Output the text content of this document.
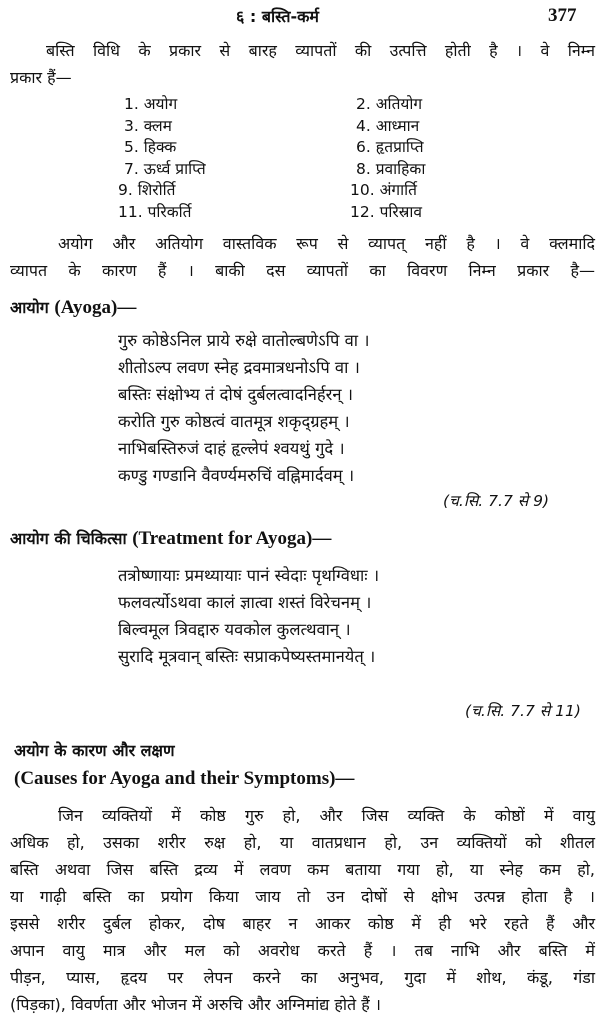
६ : बस्ति-कर्म	377
बस्ति विधि के प्रकार से बारह व्यापतों की उत्पत्ति होती है । वे निम्न
प्रकार हैं—
1. अयोग	2. अतियोग
3. क्लम	4. आध्मान
5. हिक्क	6. हृतप्राप्ति
7. ऊर्ध्व प्राप्ति	8. प्रवाहिका
9. शिरोर्ति	10. अंगार्ति
11. परिकर्ति	12. परिस्राव
अयोग और अतियोग वास्तविक रूप से व्यापत् नहीं है । वे क्लमादि
व्यापत के कारण हैं । बाकी दस व्यापतों का विवरण निम्न प्रकार है—
आयोग (Ayoga)—
गुरु कोष्ठेऽनिल प्राये रुक्षे वातोल्बणेऽपि वा ।
शीतोऽल्प लवण स्नेह द्रवमात्रधनोऽपि वा ।
बस्तिः संक्षोभ्य तं दोषं दुर्बलत्वादनिर्हरन् ।
करोति गुरु कोष्ठत्वं वातमूत्र शकृद्ग्रहम् ।
नाभिबस्तिरुजं दाहं हृल्लेपं श्वयथुं गुदे ।
कण्डु गण्डानि वैवर्ण्यमरुचिं वह्निमार्दवम् ।
(च.सि. 7.7 से 9)
आयोग की चिकित्सा (Treatment for Ayoga)—
तत्रोष्णायाः प्रमथ्यायाः पानं स्वेदाः पृथग्विधाः ।
फलवर्त्योऽथवा कालं ज्ञात्वा शस्तं विरेचनम् ।
बिल्वमूल त्रिवद्दारु यवकोल कुलत्थवान् ।
सुरादि मूत्रवान् बस्तिः सप्राकपेष्यस्तमानयेत् ।
(च.सि. 7.7 से 11)
अयोग के कारण और लक्षण
(Causes for Ayoga and their Symptoms)—
जिन व्यक्तियों में कोष्ठ गुरु हो, और जिस व्यक्ति के कोष्ठों में वायु
अधिक हो, उसका शरीर रुक्ष हो, या वातप्रधान हो, उन व्यक्तियों को शीतल
बस्ति अथवा जिस बस्ति द्रव्य में लवण कम बताया गया हो, या स्नेह कम हो,
या गाढ़ी बस्ति का प्रयोग किया जाय तो उन दोषों से क्षोभ उत्पन्न होता है ।
इससे शरीर दुर्बल होकर, दोष बाहर न आकर कोष्ठ में ही भरे रहते हैं और
अपान वायु मात्र और मल को अवरोध करते हैं । तब नाभि और बस्ति में
पीड़न, प्यास, हृदय पर लेपन करने का अनुभव, गुदा में शोथ, कंडू, गंडा
(पिड़का), विवर्णता और भोजन में अरुचि और अग्निमांद्य होते हैं ।
